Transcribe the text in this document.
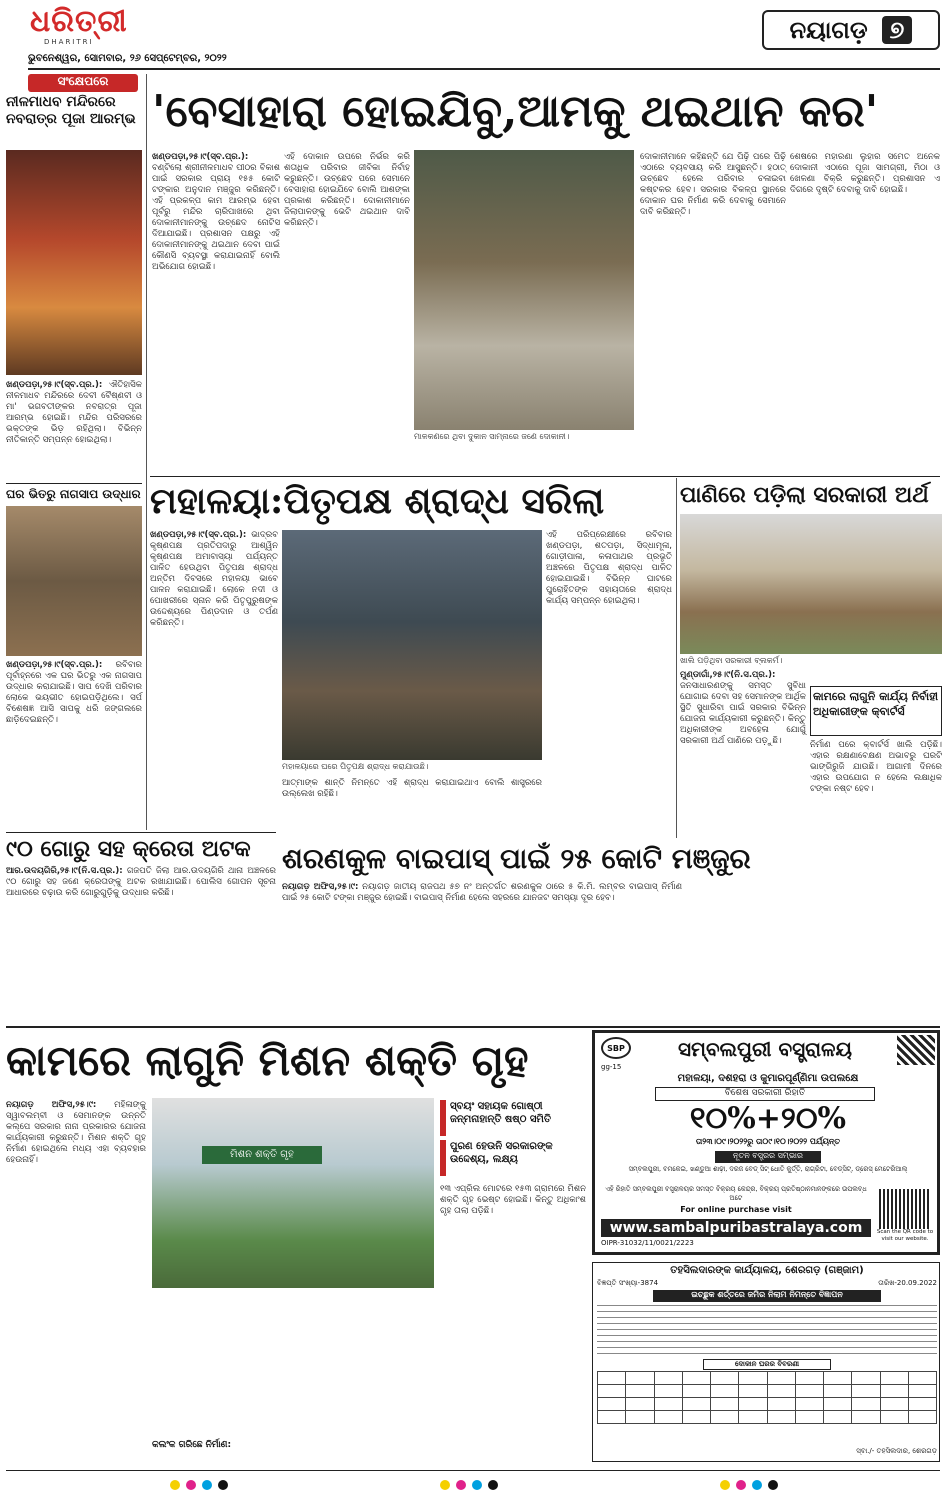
ଧରିତ୍ରୀ
DHARITRI
ଭୁବନେଶ୍ୱର, ସୋମବାର, ୨୬ ସେପ୍ଟେମ୍ବର, ୨୦୨୨
ନୟାଗଡ଼ ୭
ସଂକ୍ଷେପରେ
ନୀଳମାଧବ ମନ୍ଦିରରେ ନବରାତ୍ର ପୂଜା ଆରମ୍ଭ
ଖଣ୍ଡପଡ଼ା,୨୫।୯(ସ୍ବ.ପ୍ର.): ଐତିହାସିକ ନୀଳମାଧବ ମନ୍ଦିରରେ ଦେବୀ ବୈଷ୍ଣବୀ ଓ ମା' ଭଗବତୀଙ୍କର ନବରାତ୍ର ପୂଜା ଆରମ୍ଭ ହୋଇଛି। ମନ୍ଦିର ପରିସରରେ ଭକ୍ତଙ୍କ ଭିଡ଼ ରହିଥିଲା। ବିଭିନ୍ନ ନୀତିକାନ୍ତି ସମ୍ପନ୍ନ ହୋଇଥିଲା।
ଘର ଭିତରୁ ନାଗସାପ ଉଦ୍ଧାର
ଖଣ୍ଡପଡ଼ା,୨୫।୯(ସ୍ବ.ପ୍ର.): ରବିବାର ପୂର୍ବାହ୍ନରେ ଏକ ଘର ଭିତରୁ ଏକ ନାଗସାପ ଉଦ୍ଧାର କରାଯାଇଛି। ସାପ ଦେଖି ପରିବାର ଲୋକେ ଭୟଭୀତ ହୋଇପଡ଼ିଥିଲେ। ସର୍ପ ବିଶେଷଜ୍ଞ ଆସି ସାପକୁ ଧରି ଜଙ୍ଗଲରେ ଛାଡ଼ିଦେଇଛନ୍ତି।
'ବେସାହାରା ହୋଇଯିବୁ,ଆମକୁ ଥଇଥାନ କର'
ଖଣ୍ଡପଡ଼ା,୨୫।୯(ସ୍ବ.ପ୍ର.): ବଣ୍ଟିଲୋ ଶ୍ରୀନୀଳମାଧବ ପୀଠର ବିକାଶ ପାଇଁ ସରକାର ପ୍ରାୟ ୧୫୫ କୋଟି ଟଙ୍କାର ଅନୁଦାନ ମଞ୍ଜୁର କରିଛନ୍ତି। ଏହି ପ୍ରକଳ୍ପ କାମ ଆରମ୍ଭ ହେବା ପୂର୍ବରୁ ମନ୍ଦିର ଚାରିପାଖରେ ଥିବା ଦୋକାନୀମାନଙ୍କୁ ଉଚ୍ଛେଦ ନୋଟିସ ଦିଆଯାଇଛି। ପ୍ରଶାସନ ପକ୍ଷରୁ ଏହି ଦୋକାନୀମାନଙ୍କୁ ଥଇଥାନ ଦେବା ପାଇଁ କୌଣସି ବ୍ୟବସ୍ଥା କରାଯାଇନାହିଁ ବୋଲି ଅଭିଯୋଗ ହୋଇଛି।
ଏହି ଦୋକାନ ଉପରେ ନିର୍ଭର କରି ଶତାଧିକ ପରିବାର ଜୀବିକା ନିର୍ବାହ କରୁଛନ୍ତି। ଉଚ୍ଛେଦ ପରେ ସେମାନେ ବେସାହାରା ହୋଇଯିବେ ବୋଲି ଆଶଙ୍କା ପ୍ରକାଶ କରିଛନ୍ତି। ଦୋକାନୀମାନେ ଜିଲାପାଳଙ୍କୁ ଭେଟି ଥଇଥାନ ଦାବି କରିଛନ୍ତି।
ମାଳକଣରେ ଥିବା ଦୁକାନ ସାମ୍ନାରେ ଜଣେ ଦୋକାନୀ।
ଦୋକାନୀମାନେ କହିଛନ୍ତି ଯେ ପିଢ଼ି ପରେ ପିଢ଼ି ଏଠାରେ ବ୍ୟବସାୟ କରି ଆସୁଛନ୍ତି। ହଠାତ୍ ଉଚ୍ଛେଦ ହେଲେ ପରିବାର ଚଳାଇବା କଷ୍ଟକର ହେବ। ସରକାର ବିକଳ୍ପ ସ୍ଥାନରେ ଦୋକାନ ଘର ନିର୍ମାଣ କରି ଦେବାକୁ ସେମାନେ ଦାବି କରିଛନ୍ତି।
ଶେଷରେ ମହାରଣା ଲୁହାର ସମେତ ଅନେକ ଦୋକାନୀ ଏଠାରେ ପୂଜା ସାମଗ୍ରୀ, ମିଠା ଓ ଖେଳଣା ବିକ୍ରି କରୁଛନ୍ତି। ପ୍ରଶାସନ ଏ ଦିଗରେ ଦୃଷ୍ଟି ଦେବାକୁ ଦାବି ହୋଇଛି।
ମହାଳୟା:ପିତୃପକ୍ଷ ଶ୍ରାଦ୍ଧ ସରିଲା
ଖଣ୍ଡପଡ଼ା,୨୫।୯(ସ୍ବ.ପ୍ର.): ଭାଦ୍ରବ କୃଷ୍ଣପକ୍ଷ ପ୍ରତିପଦାରୁ ଆଶ୍ୱିନ କୃଷ୍ଣପକ୍ଷ ଅମାବାସ୍ୟା ପର୍ଯ୍ୟନ୍ତ ପାଳିତ ହେଉଥିବା ପିତୃପକ୍ଷ ଶ୍ରାଦ୍ଧ ଅନ୍ତିମ ଦିବସରେ ମହାଳୟା ଭାବେ ପାଳନ କରାଯାଇଛି। ଲୋକେ ନଦୀ ଓ ପୋଖରୀରେ ସ୍ନାନ କରି ପିତୃପୁରୁଷଙ୍କ ଉଦ୍ଦେଶ୍ୟରେ ପିଣ୍ଡଦାନ ଓ ତର୍ପଣ କରିଛନ୍ତି।
ମହାଳୟାରେ ଘରେ ପିତୃପକ୍ଷ ଶ୍ରାଦ୍ଧ କରାଯାଉଛି।
ଆତ୍ମାଙ୍କ ଶାନ୍ତି ନିମନ୍ତେ ଏହି ଶ୍ରାଦ୍ଧ କରାଯାଇଥାଏ ବୋଲି ଶାସ୍ତ୍ରରେ ଉଲ୍ଲେଖ ରହିଛି।
ଏହି ପରିପ୍ରେକ୍ଷୀରେ ରବିବାର ଖଣ୍ଡପଡ଼ା, ଶତପଡ଼ା, ସିଦ୍ଧାମୂଳା, ଗୋଡ଼ୀପାଳା, କଳାପାଥର ପ୍ରଭୃତି ଅଞ୍ଚଳରେ ପିତୃପକ୍ଷ ଶ୍ରାଦ୍ଧ ପାଳିତ ହୋଇଯାଇଛି। ବିଭିନ୍ନ ଘାଟରେ ପୁରୋହିତଙ୍କ ସହାୟତାରେ ଶ୍ରାଦ୍ଧ କାର୍ଯ୍ୟ ସମ୍ପନ୍ନ ହୋଇଥିଲା।
ପାଣିରେ ପଡ଼ିଲା ସରକାରୀ ଅର୍ଥ
ଖାଲି ପଡ଼ିଥିବା ସରକାରୀ ବ୍ଲକର୍ମ।
ମୁଣ୍ଡାଗାଁ,୨୫।୯(ନି.ସ.ପ୍ର.): ଜନସାଧାରଣଙ୍କୁ ସମସ୍ତ ସୁବିଧା ଯୋଗାଇ ଦେବା ସହ ସେମାନଙ୍କ ଆର୍ଥିକ ସ୍ଥିତି ସୁଧାରିବା ପାଇଁ ସରକାର ବିଭିନ୍ନ ଯୋଜନା କାର୍ଯ୍ୟକାରୀ କରୁଛନ୍ତି। କିନ୍ତୁ ଅଧିକାରୀଙ୍କ ଅବହେଳା ଯୋଗୁଁ ସରକାରୀ ଅର୍ଥ ପାଣିରେ ପଡ଼ୁଛି।
କାମରେ ଲାଗୁନି କାର୍ଯ୍ୟ ନିର୍ବାହୀ ଅଧିକାରୀଙ୍କ କ୍ବାର୍ଟର୍ସ
ନିର୍ମାଣ ପରେ କ୍ବାର୍ଟର୍ସ ଖାଲି ପଡ଼ିଛି। ଏହାର ରକ୍ଷଣାବେକ୍ଷଣ ଅଭାବରୁ ଘରଟି ଭାଙ୍ଗିରୁଜି ଯାଉଛି। ଆଗାମୀ ଦିନରେ ଏହାର ଉପଯୋଗ ନ ହେଲେ ଲକ୍ଷାଧିକ ଟଙ୍କା ନଷ୍ଟ ହେବ।
୯୦ ଗୋରୁ ସହ କ୍ରେତା ଅଟକ
ଆର.ଉଦୟଗିରି,୨୫।୯(ନି.ସ.ପ୍ର.): ଗଜପତି ଜିଲା ଆର.ଉଦୟଗିରି ଥାନା ଅଞ୍ଚଳରେ ୯୦ ଗୋରୁ ସହ ଜଣେ କ୍ରେତାଙ୍କୁ ଅଟକ ରଖାଯାଇଛି। ପୋଲିସ ଗୋପନ ସୂଚନା ଆଧାରରେ ଚଢ଼ାଉ କରି ଗୋରୁଗୁଡ଼ିକୁ ଉଦ୍ଧାର କରିଛି।
ଶରଣକୁଳ ବାଇପାସ୍ ପାଇଁ ୨୫ କୋଟି ମଞ୍ଜୁର
ନୟାଗଡ଼ ଅଫିସ,୨୫।୯: ନୟାଗଡ଼ ଜାତୀୟ ରାଜପଥ ୫୭ ନଂ ଅନ୍ତର୍ଗତ ଶରଣକୁଳ ଠାରେ ୫ କି.ମି. ଲମ୍ବର ବାଇପାସ୍ ନିର୍ମାଣ ପାଇଁ ୨୫ କୋଟି ଟଙ୍କା ମଞ୍ଜୁର ହୋଇଛି। ବାଇପାସ୍ ନିର୍ମାଣ ହେଲେ ସହରରେ ଯାନଜଟ ସମସ୍ୟା ଦୂର ହେବ।
କାମରେ ଲାଗୁନି ମିଶନ ଶକ୍ତି ଗୃହ
ନୟାଗଡ଼ ଅଫିସ,୨୫।୯: ମହିଳାଙ୍କୁ ସ୍ୱାବଲମ୍ବୀ ଓ ସେମାନଙ୍କ ଉନ୍ନତି କଲ୍ପେ ସରକାର ନାନା ପ୍ରକାରର ଯୋଜନା କାର୍ଯ୍ୟକାରୀ କରୁଛନ୍ତି। ମିଶନ ଶକ୍ତି ଗୃହ ନିର୍ମାଣ ହୋଇଥିଲେ ମଧ୍ୟ ଏହା ବ୍ୟବହାର ହେଉନାହିଁ।	ମିଶନ ଶକ୍ତି ଗୃହ
ସ୍ବୟଂ ସହାୟକ ଗୋଷ୍ଠୀ ଜନ୍ମନାହାନ୍ତି ଷଷ୍ଠ ସମିତି
ପୁରଣ ହେଉନି ସରକାରଙ୍କ ଉଦ୍ଦେଶ୍ୟ, ଲକ୍ଷ୍ୟ
୧୩ ଏପ୍ରିଲ ମୋଟରେ ୧୫୩ ଗ୍ରାମରେ ମିଶନ ଶକ୍ତି ଗୃହ ଭେଷ୍ଟ ହୋଇଛି। କିନ୍ତୁ ଅଧିକାଂଶ ଗୃହ ତାଲା ପଡ଼ିଛି।
କଲଂକ ଗରିଛେ ନିର୍ମାଣ:
SBP	ସମ୍ବଲପୁରୀ ବସ୍ତ୍ରାଳୟ
gg-15
ମହାଳୟା, ଦଶହରା ଓ କୁମାରପୂର୍ଣ୍ଣିମା ଉପଲକ୍ଷେ
ବିଶେଷ ସରକାରୀ ରିହାତି
୧୦%+୨୦%
ତା୨୩।୦୯।୨୦୨୨ରୁ ତା୦୯।୧୦।୨୦୨୨ ପର୍ଯ୍ୟନ୍ତ
ନୂତନ ବସ୍ତ୍ରର ସମ୍ଭାର
ସମ୍ବଲପୁରୀ, ବମକେଇ, ଖଣ୍ଡୁଆ ଶାଢ଼ୀ, ଦରଜ ବେଡ୍ ସିଟ୍ ଧୋତି କୁର୍ତ୍ତି, ରାଗ୍ରିଟା, ବେଡ୍‌ସିଟ୍, ଡ୍ରେସ୍ ମେଟେରିଆଲ୍
ଏହି ରିହାତି ସମ୍ବଲପୁରୀ ବସ୍ତ୍ରାଳୟର ସମସ୍ତ ବିକ୍ରୟ କେନ୍ଦ୍ର, ବିକ୍ରୟ ପ୍ରତିଷ୍ଠାନମାନଙ୍କରେ ଉପଲବ୍ଧ ଅଟେ
For online purchase visit
www.sambalpuribastralaya.com	Scan the QR code to visit our website.
OIPR-31032/11/0021/2223
ତହସିଲଦାରଙ୍କ କାର୍ଯ୍ୟାଳୟ, ଶେରଗଡ଼ (ଗଞ୍ଜାମ)
ବିଜ୍ଞପ୍ତି ସଂଖ୍ୟା-3874	ତାରିଖ-20.09.2022
ଇଚ୍ଛୁକ ଶର୍ତ୍ତରେ ଜମିର ନିଲାମ ନିମନ୍ତେ ବିଜ୍ଞାପନ
ଦୋକାନ ଘରର ବିବରଣୀ

ସ୍ବା./- ତହସିଲଦାର, ଶେରଗଡ଼
